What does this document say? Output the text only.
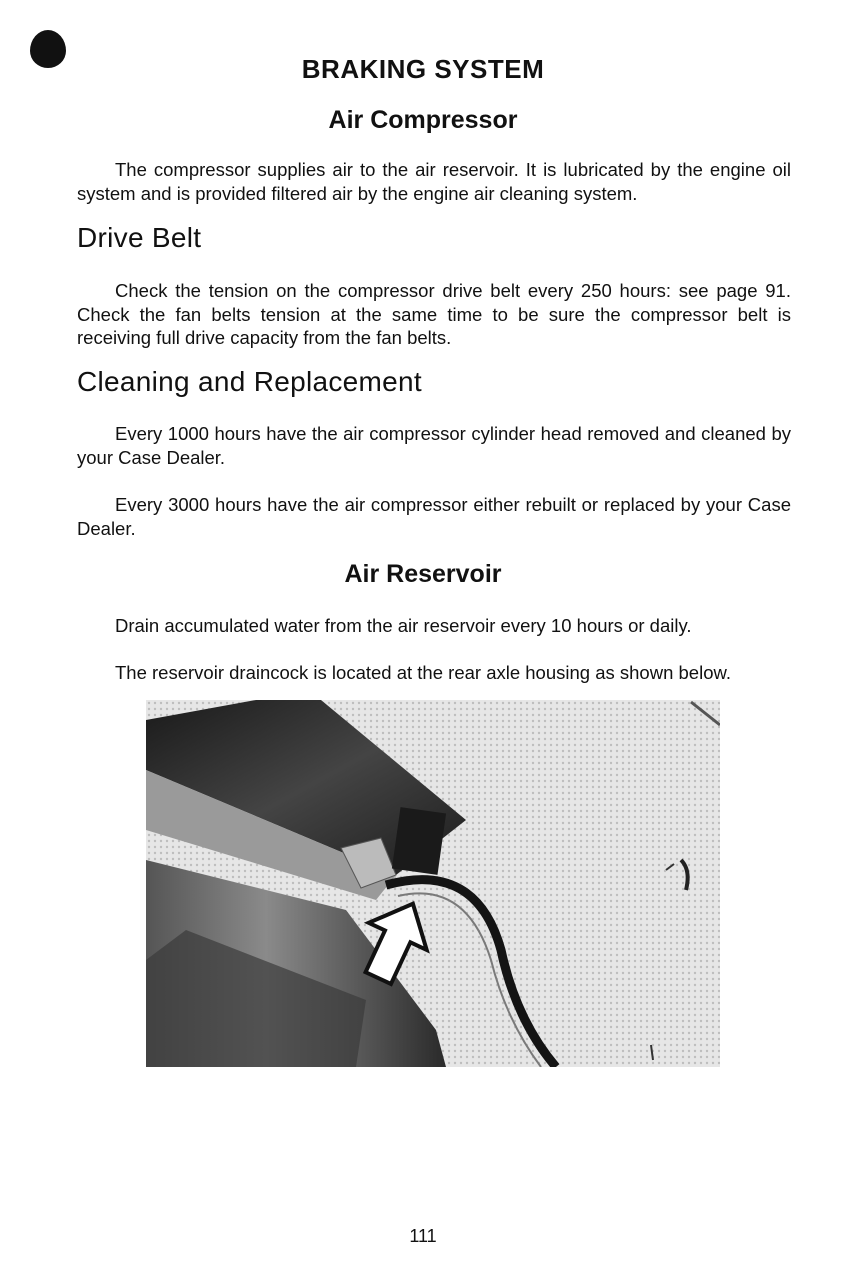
BRAKING SYSTEM
Air Compressor

The compressor supplies air to the air reservoir. It is lubricated by the engine oil system and is provided filtered air by the engine air cleaning system.

Drive Belt

Check the tension on the compressor drive belt every 250 hours: see page 91. Check the fan belts tension at the same time to be sure the compressor belt is receiving full drive capacity from the fan belts.

Cleaning and Replacement

Every 1000 hours have the air compressor cylinder head removed and cleaned by your Case Dealer.

Every 3000 hours have the air compressor either rebuilt or replaced by your Case Dealer.

Air Reservoir

Drain accumulated water from the air reservoir every 10 hours or daily.

The reservoir draincock is located at the rear axle housing as shown below.

111
